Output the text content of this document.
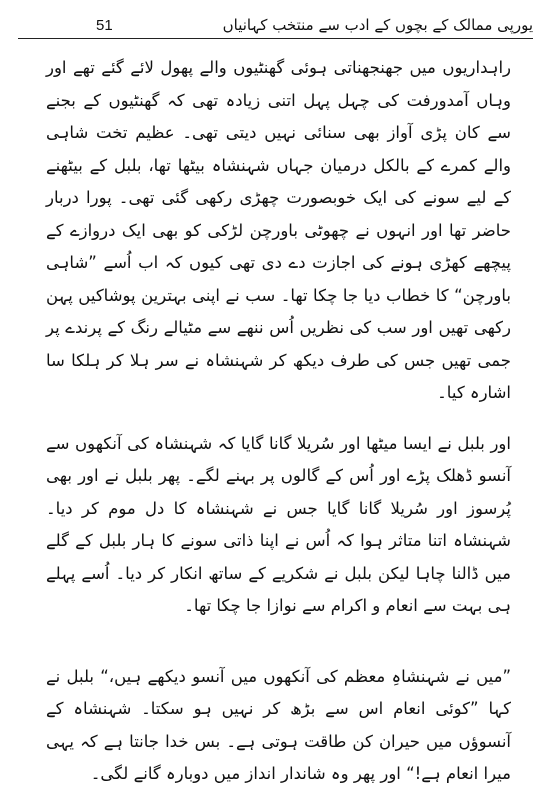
یورپی ممالک کے بچوں کے ادب سے منتخب کہانیاں
51

راہداریوں میں جھنجھناتی ہوئی گھنٹیوں والے پھول لائے گئے تھے اور وہاں آمدورفت کی چہل پہل اتنی زیادہ تھی کہ گھنٹیوں کے بجنے سے کان پڑی آواز بھی سنائی نہیں دیتی تھی۔ عظیم تخت شاہی والے کمرے کے بالکل درمیان جہاں شہنشاہ بیٹھا تھا، بلبل کے بیٹھنے کے لیے سونے کی ایک خوبصورت چھڑی رکھی گئی تھی۔ پورا دربار حاضر تھا اور انہوں نے چھوٹی باورچن لڑکی کو بھی ایک دروازے کے پیچھے کھڑی ہونے کی اجازت دے دی تھی کیوں کہ اب اُسے ”شاہی باورچن“ کا خطاب دیا جا چکا تھا۔ سب نے اپنی بہترین پوشاکیں پہن رکھی تھیں اور سب کی نظریں اُس ننھے سے مٹیالے رنگ کے پرندے پر جمی تھیں جس کی طرف دیکھ کر شہنشاہ نے سر ہلا کر ہلکا سا اشارہ کیا۔

اور بلبل نے ایسا میٹھا اور سُریلا گانا گایا کہ شہنشاہ کی آنکھوں سے آنسو ڈھلک پڑے اور اُس کے گالوں پر بہنے لگے۔ پھر بلبل نے اور بھی پُرسوز اور سُریلا گانا گایا جس نے شہنشاہ کا دل موم کر دیا۔ شہنشاہ اتنا متاثر ہوا کہ اُس نے اپنا ذاتی سونے کا ہار بلبل کے گلے میں ڈالنا چاہا لیکن بلبل نے شکریے کے ساتھ انکار کر دیا۔ اُسے پہلے ہی بہت سے انعام و اکرام سے نوازا جا چکا تھا۔

”میں نے شہنشاہِ معظم کی آنکھوں میں آنسو دیکھے ہیں،“ بلبل نے کہا ”کوئی انعام اس سے بڑھ کر نہیں ہو سکتا۔ شہنشاہ کے آنسوؤں میں حیران کن طاقت ہوتی ہے۔ بس خدا جانتا ہے کہ یہی میرا انعام ہے!“ اور پھر وہ شاندار انداز میں دوبارہ گانے لگی۔
